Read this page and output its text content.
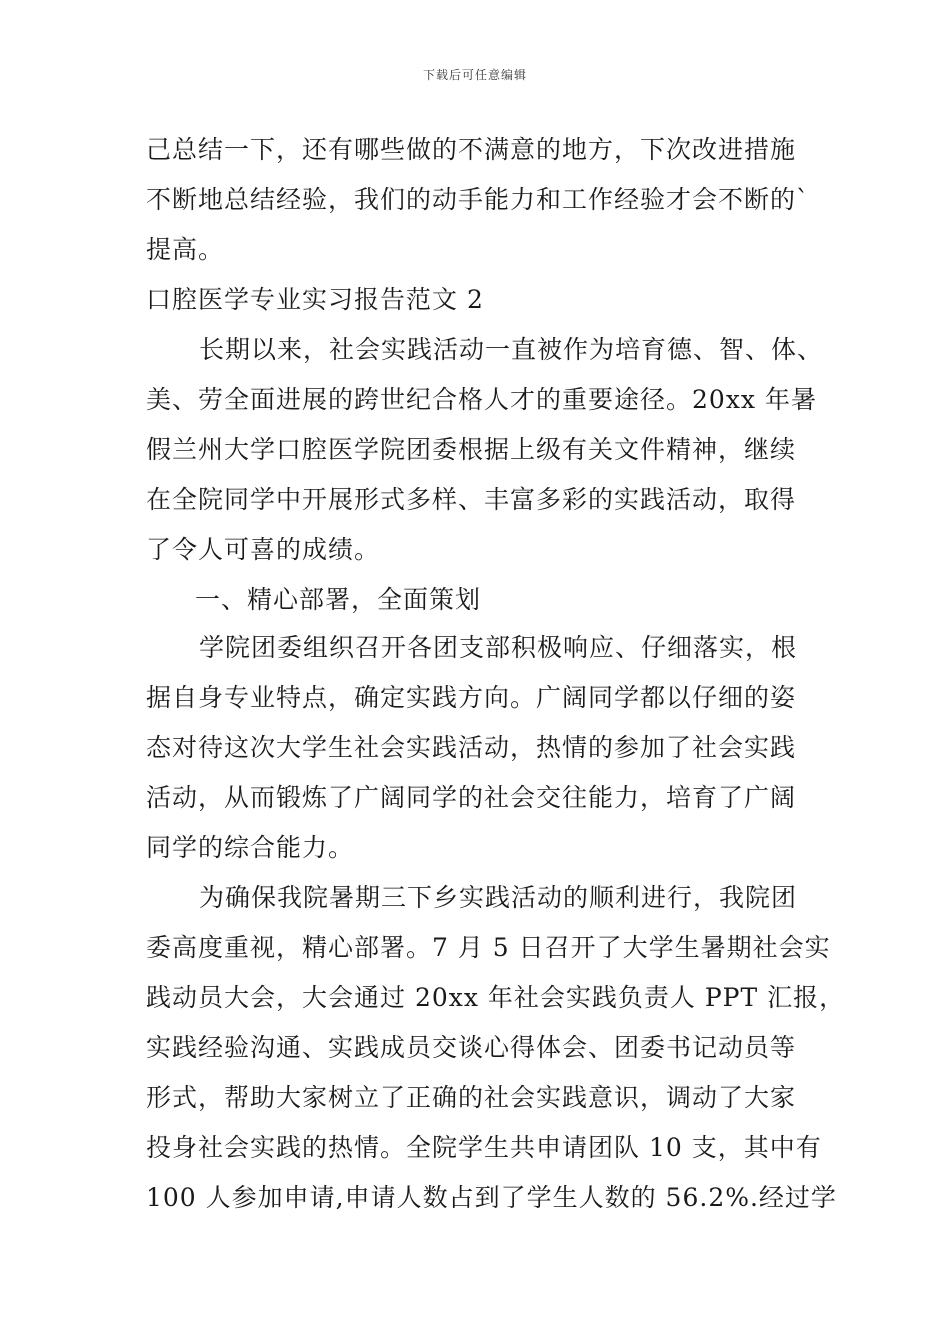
下载后可任意编辑
己总结一下，还有哪些做的不满意的地方，下次改进措施
不断地总结经验，我们的动手能力和工作经验才会不断的`
提高。
口腔医学专业实习报告范文 2
长期以来，社会实践活动一直被作为培育德、智、体、
美、劳全面进展的跨世纪合格人才的重要途径。20xx 年暑
假兰州大学口腔医学院团委根据上级有关文件精神，继续
在全院同学中开展形式多样、丰富多彩的实践活动，取得
了令人可喜的成绩。
一、精心部署，全面策划
学院团委组织召开各团支部积极响应、仔细落实，根
据自身专业特点，确定实践方向。广阔同学都以仔细的姿
态对待这次大学生社会实践活动，热情的参加了社会实践
活动，从而锻炼了广阔同学的社会交往能力，培育了广阔
同学的综合能力。
为确保我院暑期三下乡实践活动的顺利进行，我院团
委高度重视，精心部署。7 月 5 日召开了大学生暑期社会实
践动员大会，大会通过 20xx 年社会实践负责人 PPT 汇报，
实践经验沟通、实践成员交谈心得体会、团委书记动员等
形式，帮助大家树立了正确的社会实践意识，调动了大家
投身社会实践的热情。全院学生共申请团队 10 支，其中有
100 人参加申请,申请人数占到了学生人数的 56.2%.经过学
